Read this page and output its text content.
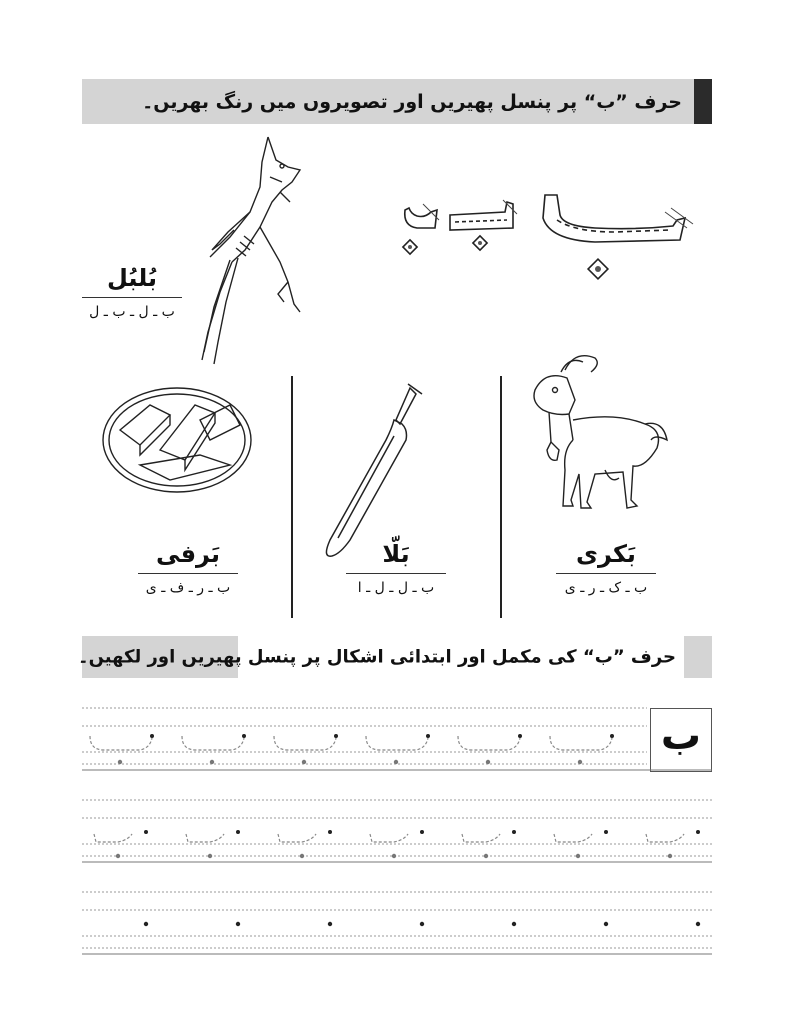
حرف ”ب“ پر پنسل پھیریں اور تصویروں میں رنگ بھریں۔
بُلبُل
ب ـ ل ـ ب ـ ل
بَرفی
ب ـ ر ـ ف ـ ی
بَلّا
ب ـ ل ـ ل ـ ا
بَکری
ب ـ ک ـ ر ـ ی
حرف ”ب“ کی مکمل اور ابتدائی اشکال پر پنسل پھیریں اور لکھیں۔
ب
